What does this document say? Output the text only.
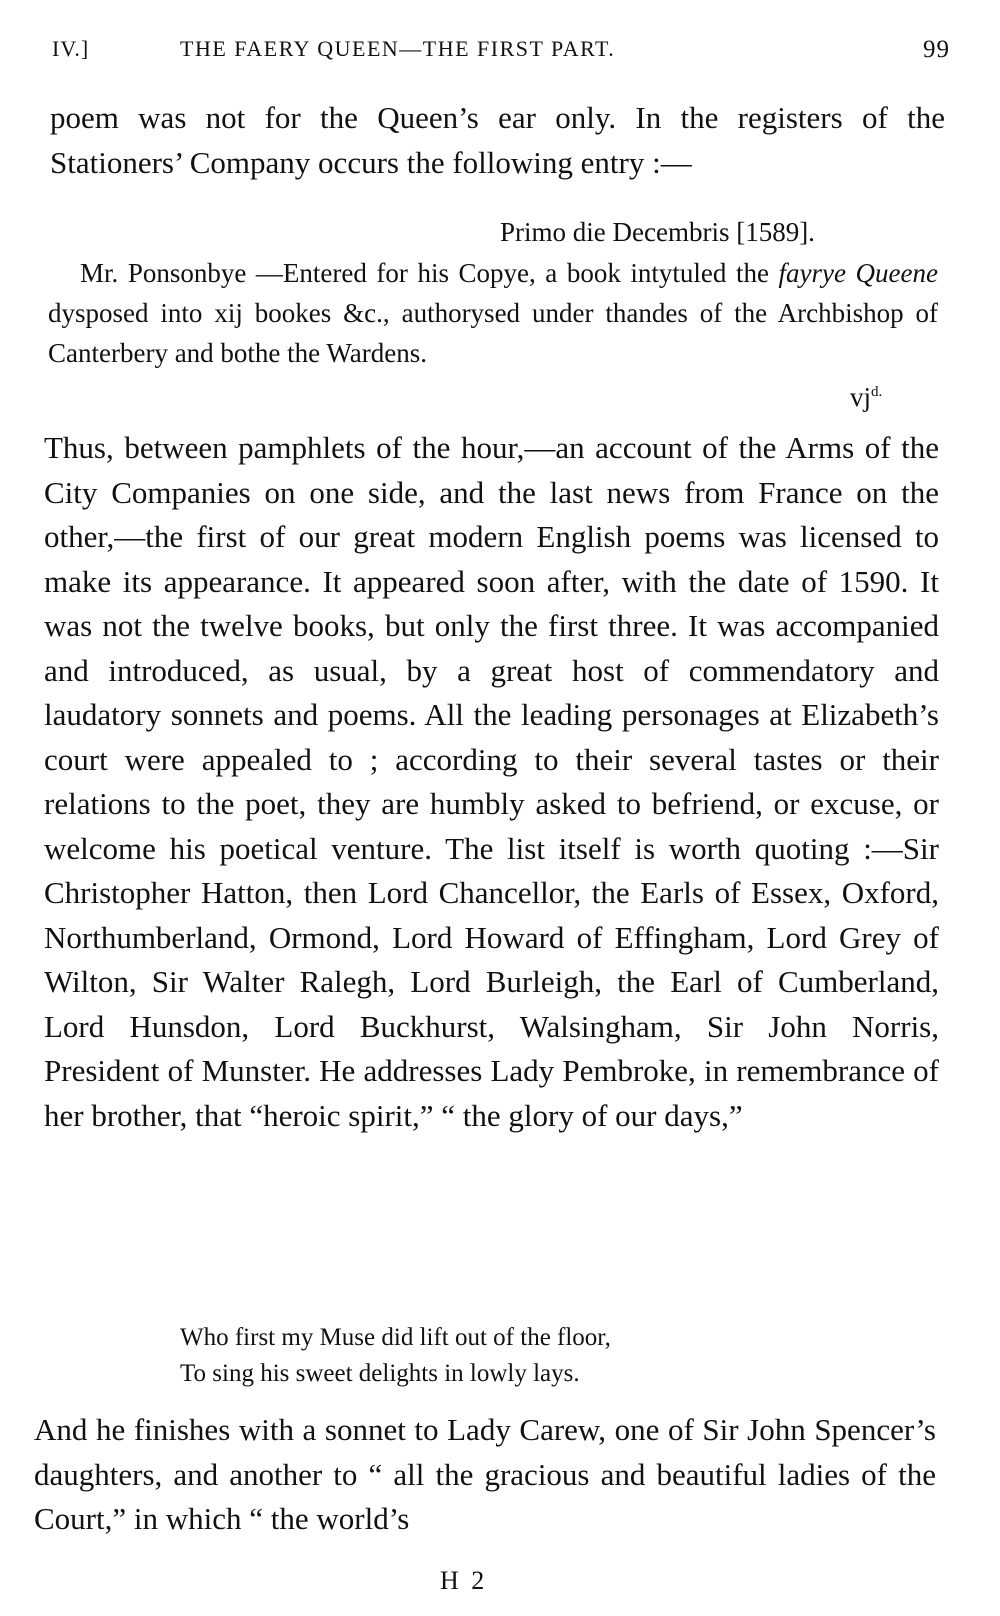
IV.]	THE FAERY QUEEN—THE FIRST PART.	99

poem was not for the Queen’s ear only. In the registers of the Stationers’ Company occurs the following entry :—

Primo die Decembris [1589].

Mr. Ponsonbye —Entered for his Copye, a book intytuled the fayrye Queene dysposed into xij bookes &c., authorysed under thandes of the Archbishop of Canterbery and bothe the Wardens.

$vj^{d.}$

Thus, between pamphlets of the hour,—an account of the Arms of the City Companies on one side, and the last news from France on the other,—the first of our great modern English poems was licensed to make its appearance. It appeared soon after, with the date of 1590. It was not the twelve books, but only the first three. It was accompanied and introduced, as usual, by a great host of commendatory and laudatory sonnets and poems. All the leading personages at Elizabeth’s court were appealed to ; according to their several tastes or their relations to the poet, they are humbly asked to befriend, or excuse, or welcome his poetical venture. The list itself is worth quoting :—Sir Christopher Hatton, then Lord Chancellor, the Earls of Essex, Oxford, Northumberland, Ormond, Lord Howard of Effingham, Lord Grey of Wilton, Sir Walter Ralegh, Lord Burleigh, the Earl of Cumberland, Lord Hunsdon, Lord Buckhurst, Walsingham, Sir John Norris, President of Munster. He addresses Lady Pembroke, in remembrance of her brother, that “heroic spirit,” “ the glory of our days,”

Who first my Muse did lift out of the floor,
To sing his sweet delights in lowly lays.

And he finishes with a sonnet to Lady Carew, one of Sir John Spencer’s daughters, and another to “ all the gracious and beautiful ladies of the Court,” in which “ the world’s

H 2
